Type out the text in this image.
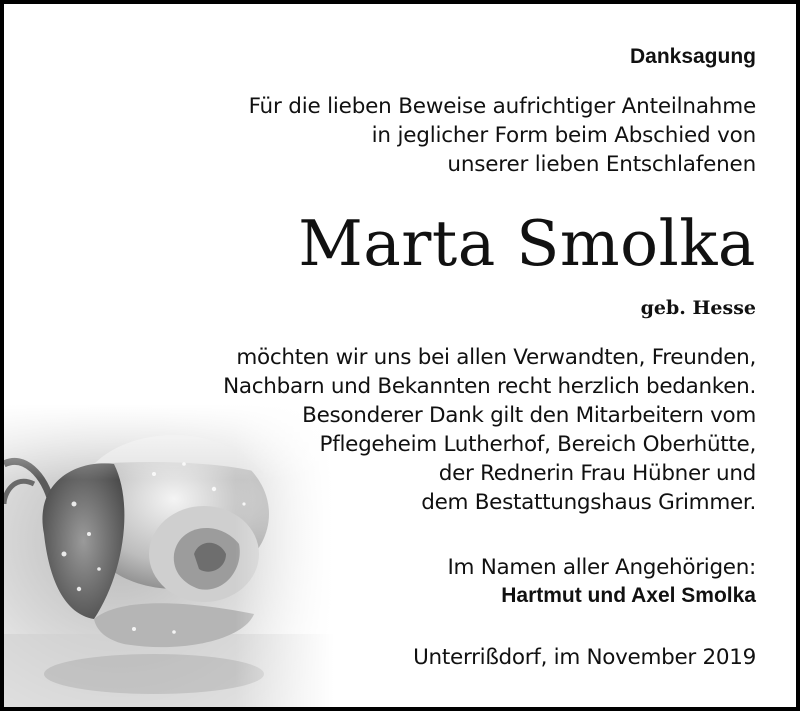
Danksagung
Für die lieben Beweise aufrichtiger Anteilnahme
in jeglicher Form beim Abschied von
unserer lieben Entschlafenen
Marta Smolka
geb. Hesse
möchten wir uns bei allen Verwandten, Freunden,
Nachbarn und Bekannten recht herzlich bedanken.
Besonderer Dank gilt den Mitarbeitern vom
Pflegeheim Lutherhof, Bereich Oberhütte,
der Rednerin Frau Hübner und
dem Bestattungshaus Grimmer.
Im Namen aller Angehörigen:
Hartmut und Axel Smolka
Unterrißdorf, im November 2019
